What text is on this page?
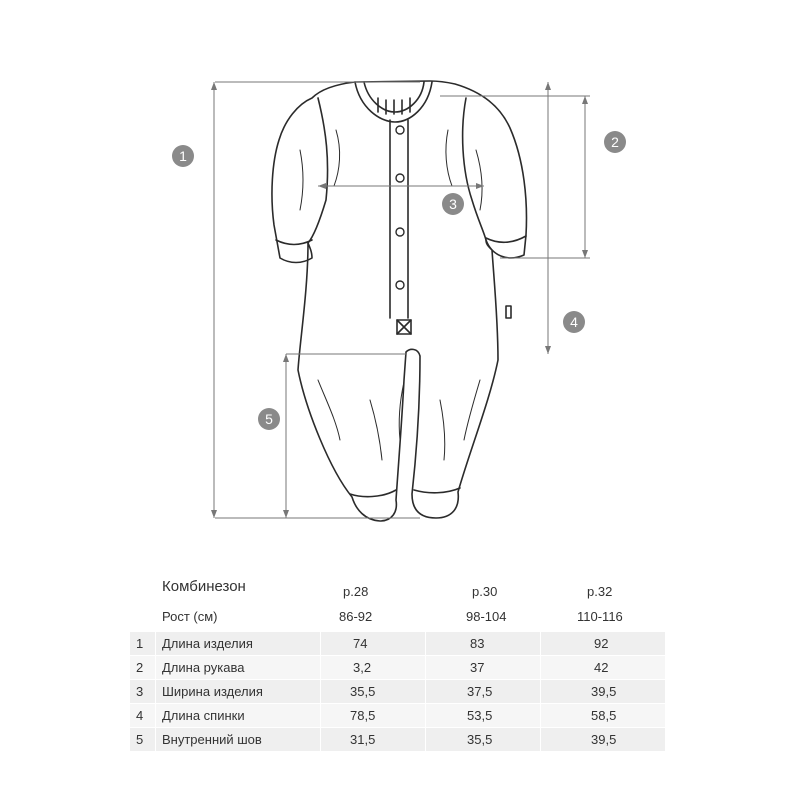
1
2
3
4
5
Комбинезон	р.28	р.30	р.32
Рост (см)	86-92	98-104	110-116
1 Длина изделия	74	83	92
2 Длина рукава	3,2	37	42
3 Ширина изделия	35,5	37,5	39,5
4 Длина спинки	78,5	53,5	58,5
5 Внутренний шов	31,5	35,5	39,5
